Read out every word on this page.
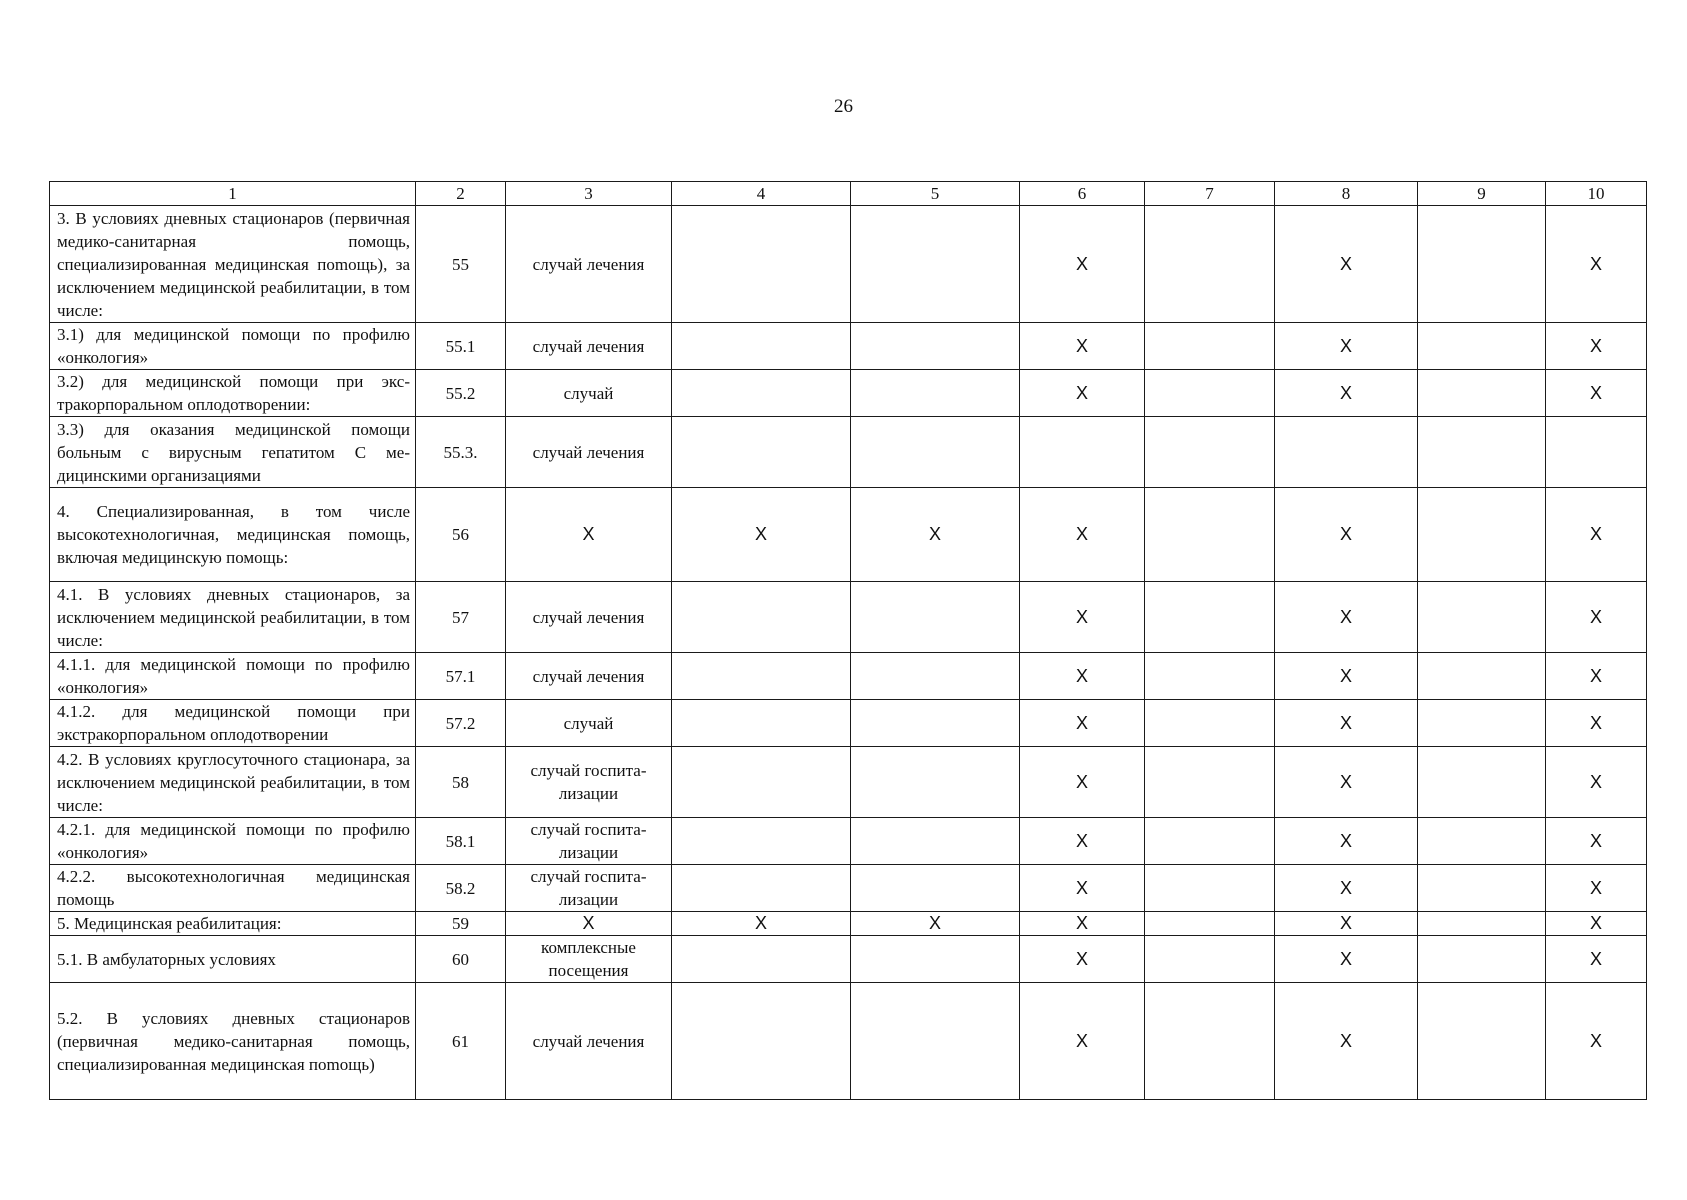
26
1	2	3	4	5	6	7	8	9	10
3. В условиях дневных стационаров (первичная медико-санитарная помощь, специализированная медицинская поmощь), за исключением медицинской реабилитации, в том числе:	55	случай лечения			X		X		X
3.1) для медицинской помощи по профилю «онкология»	55.1	случай лечения			X		X		X
3.2) для медицинской помощи при экстракорпоральном оплодотворении:	55.2	случай			X		X		X
3.3) для оказания медицинской помощи больным с вирусным гепатитом С медицинскими организациями	55.3.	случай лечения							
4. Специализированная, в том числе высокотехнологичная, медицинская помощь, включая медицинскую помощь:	56	X	X	X	X		X		X
4.1. В условиях дневных стационаров, за исключением медицинской реабилитации, в том числе:	57	случай лечения			X		X		X
4.1.1. для медицинской помощи по профилю «онкология»	57.1	случай лечения			X		X		X
4.1.2. для медицинской помощи при экстракорпоральном оплодотворении	57.2	случай			X		X		X
4.2. В условиях круглосуточного стационара, за исключением медицинской реабилитации, в том числе:	58	случай госпитализации			X		X		X
4.2.1. для медицинской помощи по профилю «онкология»	58.1	случай госпитализации			X		X		X
4.2.2. высокотехнологичная медицинская помощь	58.2	случай госпитализации			X		X		X
5. Медицинская реабилитация:	59	X	X	X	X		X		X
5.1. В амбулаторных условиях	60	комплексные посещения			X		X		X
5.2. В условиях дневных стационаров (первичная медико-санитарная помощь, специализированная медицинская поmощь)	61	случай лечения			X		X		X
